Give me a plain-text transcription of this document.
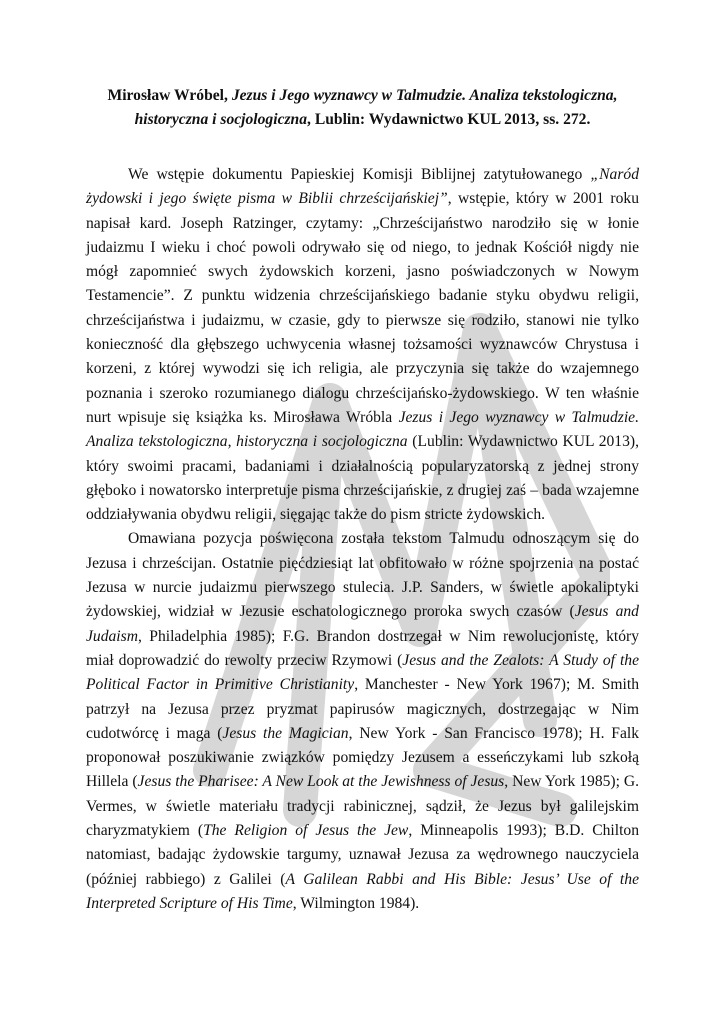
Mirosław Wróbel, Jezus i Jego wyznawcy w Talmudzie. Analiza tekstologiczna, historyczna i socjologiczna, Lublin: Wydawnictwo KUL 2013, ss. 272.

We wstępie dokumentu Papieskiej Komisji Biblijnej zatytułowanego „Naród żydowski i jego święte pisma w Biblii chrześcijańskiej”, wstępie, który w 2001 roku napisał kard. Joseph Ratzinger, czytamy: „Chrześcijaństwo narodziło się w łonie judaizmu I wieku i choć powoli odrywało się od niego, to jednak Kościół nigdy nie mógł zapomnieć swych żydowskich korzeni, jasno poświadczonych w Nowym Testamencie”. Z punktu widzenia chrześcijańskiego badanie styku obydwu religii, chrześcijaństwa i judaizmu, w czasie, gdy to pierwsze się rodziło, stanowi nie tylko konieczność dla głębszego uchwycenia własnej tożsamości wyznawców Chrystusa i korzeni, z której wywodzi się ich religia, ale przyczynia się także do wzajemnego poznania i szeroko rozumianego dialogu chrześcijańsko-żydowskiego. W ten właśnie nurt wpisuje się książka ks. Mirosława Wróbla Jezus i Jego wyznawcy w Talmudzie. Analiza tekstologiczna, historyczna i socjologiczna (Lublin: Wydawnictwo KUL 2013), który swoimi pracami, badaniami i działalnością popularyzatorską z jednej strony głęboko i nowatorsko interpretuje pisma chrześcijańskie, z drugiej zaś – bada wzajemne oddziaływania obydwu religii, sięgając także do pism stricte żydowskich.

Omawiana pozycja poświęcona została tekstom Talmudu odnoszącym się do Jezusa i chrześcijan. Ostatnie pięćdziesiąt lat obfitowało w różne spojrzenia na postać Jezusa w nurcie judaizmu pierwszego stulecia. J.P. Sanders, w świetle apokaliptyki żydowskiej, widział w Jezusie eschatologicznego proroka swych czasów (Jesus and Judaism, Philadelphia 1985); F.G. Brandon dostrzegał w Nim rewolucjonistę, który miał doprowadzić do rewolty przeciw Rzymowi (Jesus and the Zealots: A Study of the Political Factor in Primitive Christianity, Manchester - New York 1967); M. Smith patrzył na Jezusa przez pryzmat papirusów magicznych, dostrzegając w Nim cudotwórcę i maga (Jesus the Magician, New York - San Francisco 1978); H. Falk proponował poszukiwanie związków pomiędzy Jezusem a esseńczykami lub szkołą Hillela (Jesus the Pharisee: A New Look at the Jewishness of Jesus, New York 1985); G. Vermes, w świetle materiału tradycji rabinicznej, sądził, że Jezus był galilejskim charyzmatykiem (The Religion of Jesus the Jew, Minneapolis 1993); B.D. Chilton natomiast, badając żydowskie targumy, uznawał Jezusa za wędrownego nauczyciela (później rabbiego) z Galilei (A Galilean Rabbi and His Bible: Jesus’ Use of the Interpreted Scripture of His Time, Wilmington 1984).
